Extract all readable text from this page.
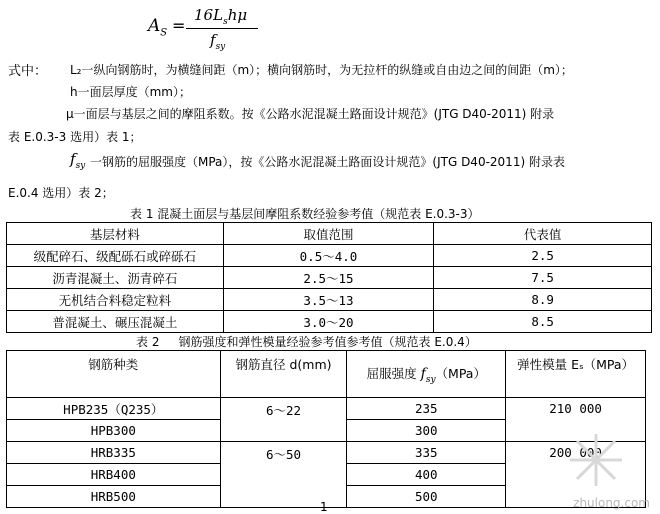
$A_S$ =
$16L_sh\mu$
$f_{sy}$
式中： L₂一纵向钢筋时，为横缝间距（m）；横向钢筋时，为无拉杆的纵缝或自由边之间的间距（m）；
h一面层厚度（mm）；
μ一面层与基层之间的摩阻系数。按《公路水泥混凝土路面设计规范》(JTG D40-2011) 附录
表 E.0.3-3 选用）表 1；
$f_{sy}$ 一钢筋的屈服强度（MPa），按《公路水泥混凝土路面设计规范》(JTG D40-2011) 附录表
E.0.4 选用）表 2；
表 1 混凝土面层与基层间摩阻系数经验参考值（规范表 E.0.3-3）
基层材料	取值范围	代表值
级配碎石、级配砾石或碎砾石	0.5～4.0	2.5
沥青混凝土、沥青碎石	2.5～15	7.5
无机结合料稳定粒料	3.5～13	8.9
普混凝土、碾压混凝土	3.0～20	8.5
表 2     钢筋强度和弹性模量经验参考值参考值（规范表 E.0.4）
钢筋种类	钢筋直径 d(mm)	屈服强度 $f_{sy}(MPa)$	弹性模量 Eₛ（MPa）
HPB235（Q235）	6～22	235	210 000
HPB300		300	
HRB335	6～50	335	200 000
HRB400		400	
HRB500		500	
1	zhulong.com
